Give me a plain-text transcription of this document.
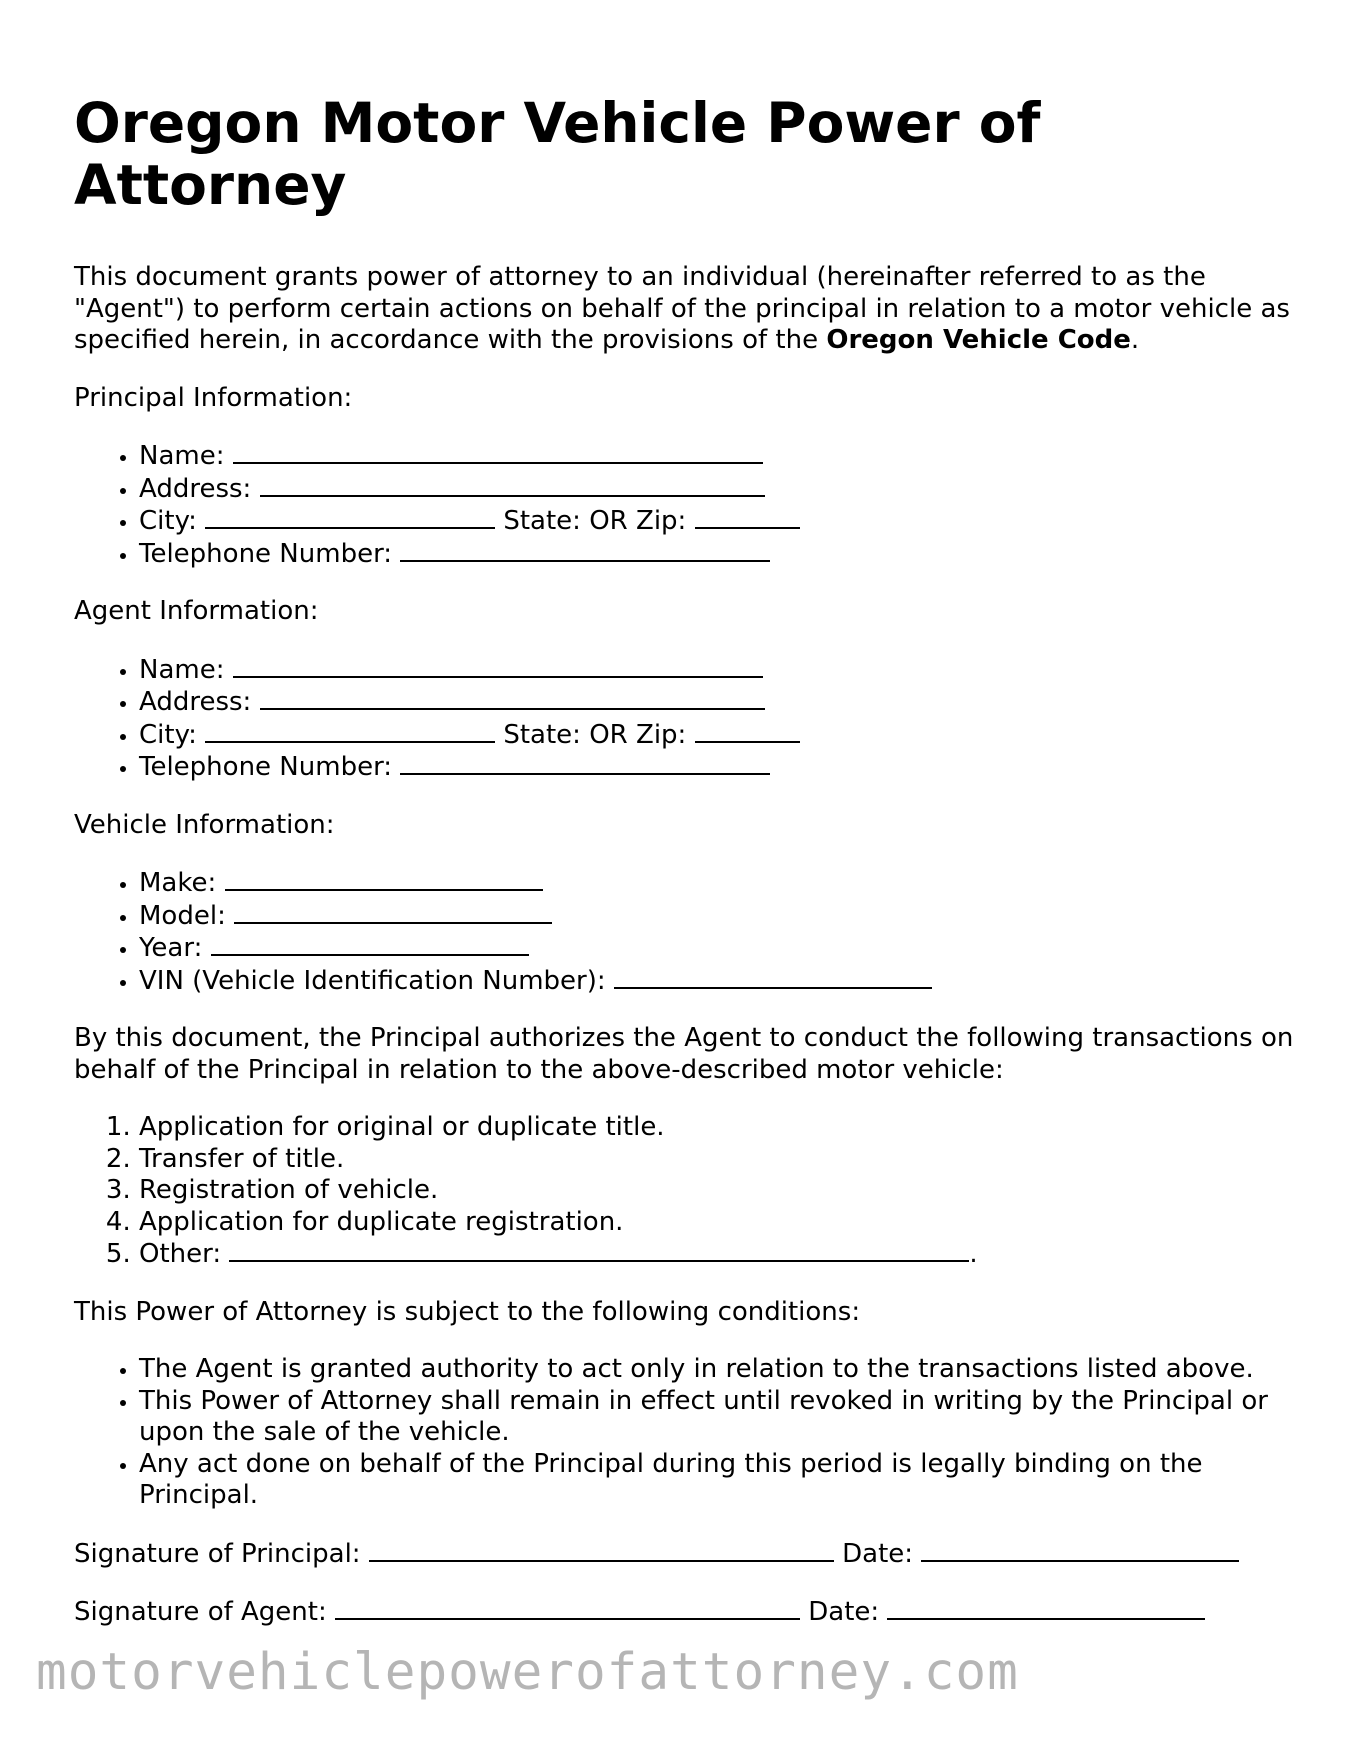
Oregon Motor Vehicle Power of Attorney

This document grants power of attorney to an individual (hereinafter referred to as the "Agent") to perform certain actions on behalf of the principal in relation to a motor vehicle as specified herein, in accordance with the provisions of the Oregon Vehicle Code.

Principal Information:

• Name:
• Address:
• City:	State: OR Zip:
• Telephone Number:

Agent Information:

• Name:
• Address:
• City:	State: OR Zip:
• Telephone Number:

Vehicle Information:

• Make:
• Model:
• Year:
• VIN (Vehicle Identification Number):

By this document, the Principal authorizes the Agent to conduct the following transactions on behalf of the Principal in relation to the above-described motor vehicle:

1. Application for original or duplicate title.
2. Transfer of title.
3. Registration of vehicle.
4. Application for duplicate registration.
5. Other:	.

This Power of Attorney is subject to the following conditions:

• The Agent is granted authority to act only in relation to the transactions listed above.
• This Power of Attorney shall remain in effect until revoked in writing by the Principal or upon the sale of the vehicle.
• Any act done on behalf of the Principal during this period is legally binding on the Principal.

Signature of Principal:	Date:

Signature of Agent:	Date:

motorvehiclepowerofattorney.com
